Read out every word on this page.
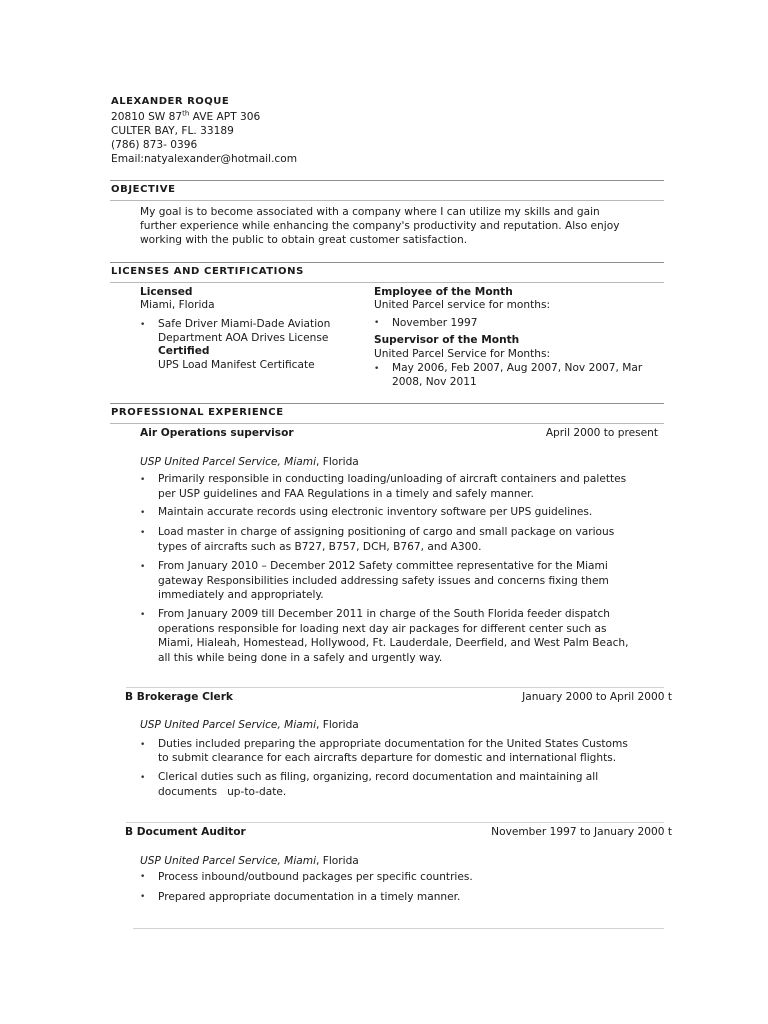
ALEXANDER ROQUE
20810 SW 87th AVE APT 306
CULTER BAY, FL. 33189
(786) 873- 0396
Email:natyalexander@hotmail.com
OBJECTIVE
My goal is to become associated with a company where I can utilize my skills and gain
further experience while enhancing the company's productivity and reputation. Also enjoy
working with the public to obtain great customer satisfaction.
LICENSES AND CERTIFICATIONS
Licensed
Miami, Florida
• Safe Driver Miami-Dade Aviation
Department AOA Drives License
Certified
UPS Load Manifest Certificate
Employee of the Month
United Parcel service for months:
• November 1997
Supervisor of the Month
United Parcel Service for Months:
• May 2006, Feb 2007, Aug 2007, Nov 2007, Mar
2008, Nov 2011
PROFESSIONAL EXPERIENCE
Air Operations supervisor	April 2000 to present
USP United Parcel Service, Miami, Florida
• Primarily responsible in conducting loading/unloading of aircraft containers and palettes
per USP guidelines and FAA Regulations in a timely and safely manner.
• Maintain accurate records using electronic inventory software per UPS guidelines.
• Load master in charge of assigning positioning of cargo and small package on various
types of aircrafts such as B727, B757, DCH, B767, and A300.
• From January 2010 – December 2012 Safety committee representative for the Miami
gateway Responsibilities included addressing safety issues and concerns fixing them
immediately and appropriately.
• From January 2009 till December 2011 in charge of the South Florida feeder dispatch
operations responsible for loading next day air packages for different center such as
Miami, Hialeah, Homestead, Hollywood, Ft. Lauderdale, Deerfield, and West Palm Beach,
all this while being done in a safely and urgently way.
B Brokerage Clerk	January 2000 to April 2000 t
USP United Parcel Service, Miami, Florida
• Duties included preparing the appropriate documentation for the United States Customs
to submit clearance for each aircrafts departure for domestic and international flights.
• Clerical duties such as filing, organizing, record documentation and maintaining all
documents   up-to-date.
B Document Auditor	November 1997 to January 2000 t
USP United Parcel Service, Miami, Florida
• Process inbound/outbound packages per specific countries.
• Prepared appropriate documentation in a timely manner.
